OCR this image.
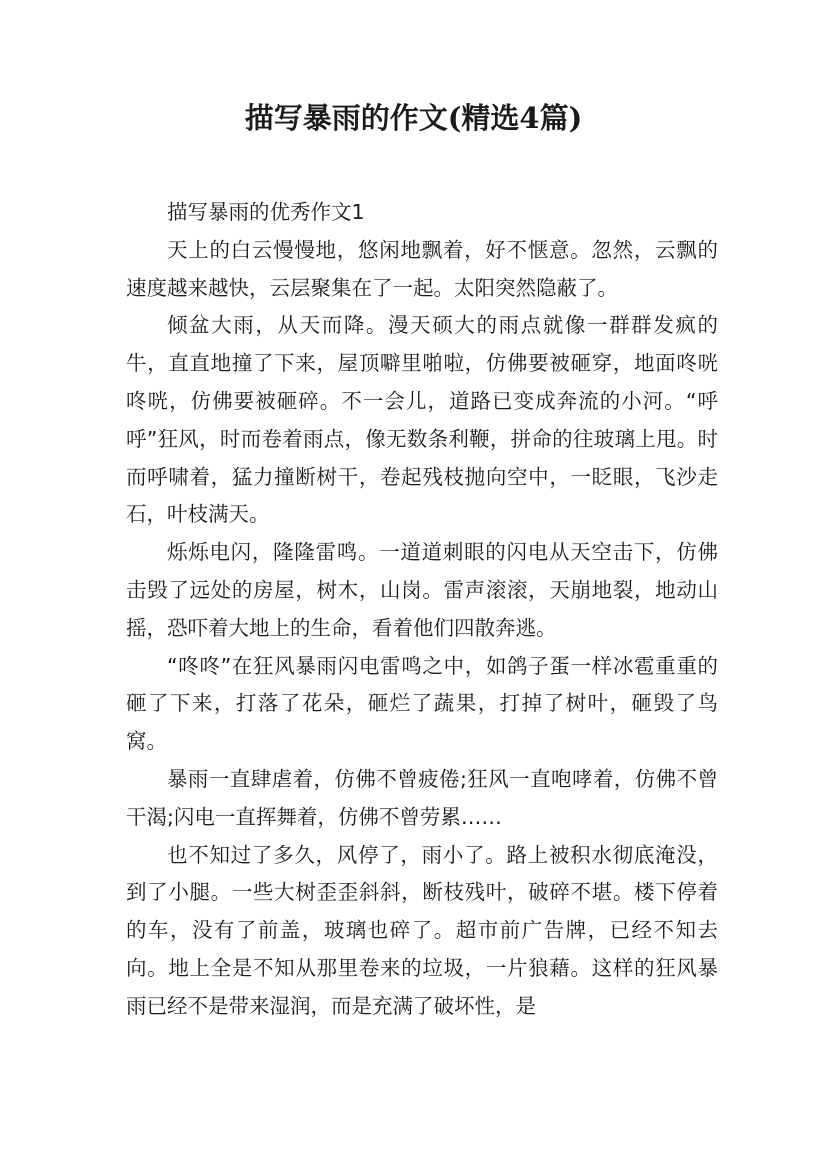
描写暴雨的作文(精选4篇)

描写暴雨的优秀作文1

天上的白云慢慢地，悠闲地飘着，好不惬意。忽然，云飘的速度越来越快，云层聚集在了一起。太阳突然隐蔽了。

倾盆大雨，从天而降。漫天硕大的雨点就像一群群发疯的牛，直直地撞了下来，屋顶噼里啪啦，仿佛要被砸穿，地面咚咣咚咣，仿佛要被砸碎。不一会儿，道路已变成奔流的小河。“呼呼”狂风，时而卷着雨点，像无数条利鞭，拼命的往玻璃上甩。时而呼啸着，猛力撞断树干，卷起残枝抛向空中，一眨眼，飞沙走石，叶枝满天。

烁烁电闪，隆隆雷鸣。一道道刺眼的闪电从天空击下，仿佛击毁了远处的房屋，树木，山岗。雷声滚滚，天崩地裂，地动山摇，恐吓着大地上的生命，看着他们四散奔逃。

“咚咚”在狂风暴雨闪电雷鸣之中，如鸽子蛋一样冰雹重重的砸了下来，打落了花朵，砸烂了蔬果，打掉了树叶，砸毁了鸟窝。

暴雨一直肆虐着，仿佛不曾疲倦;狂风一直咆哮着，仿佛不曾干渴;闪电一直挥舞着，仿佛不曾劳累……

也不知过了多久，风停了，雨小了。路上被积水彻底淹没，到了小腿。一些大树歪歪斜斜，断枝残叶，破碎不堪。楼下停着的车，没有了前盖，玻璃也碎了。超市前广告牌，已经不知去向。地上全是不知从那里卷来的垃圾，一片狼藉。这样的狂风暴雨已经不是带来湿润，而是充满了破坏性，是
